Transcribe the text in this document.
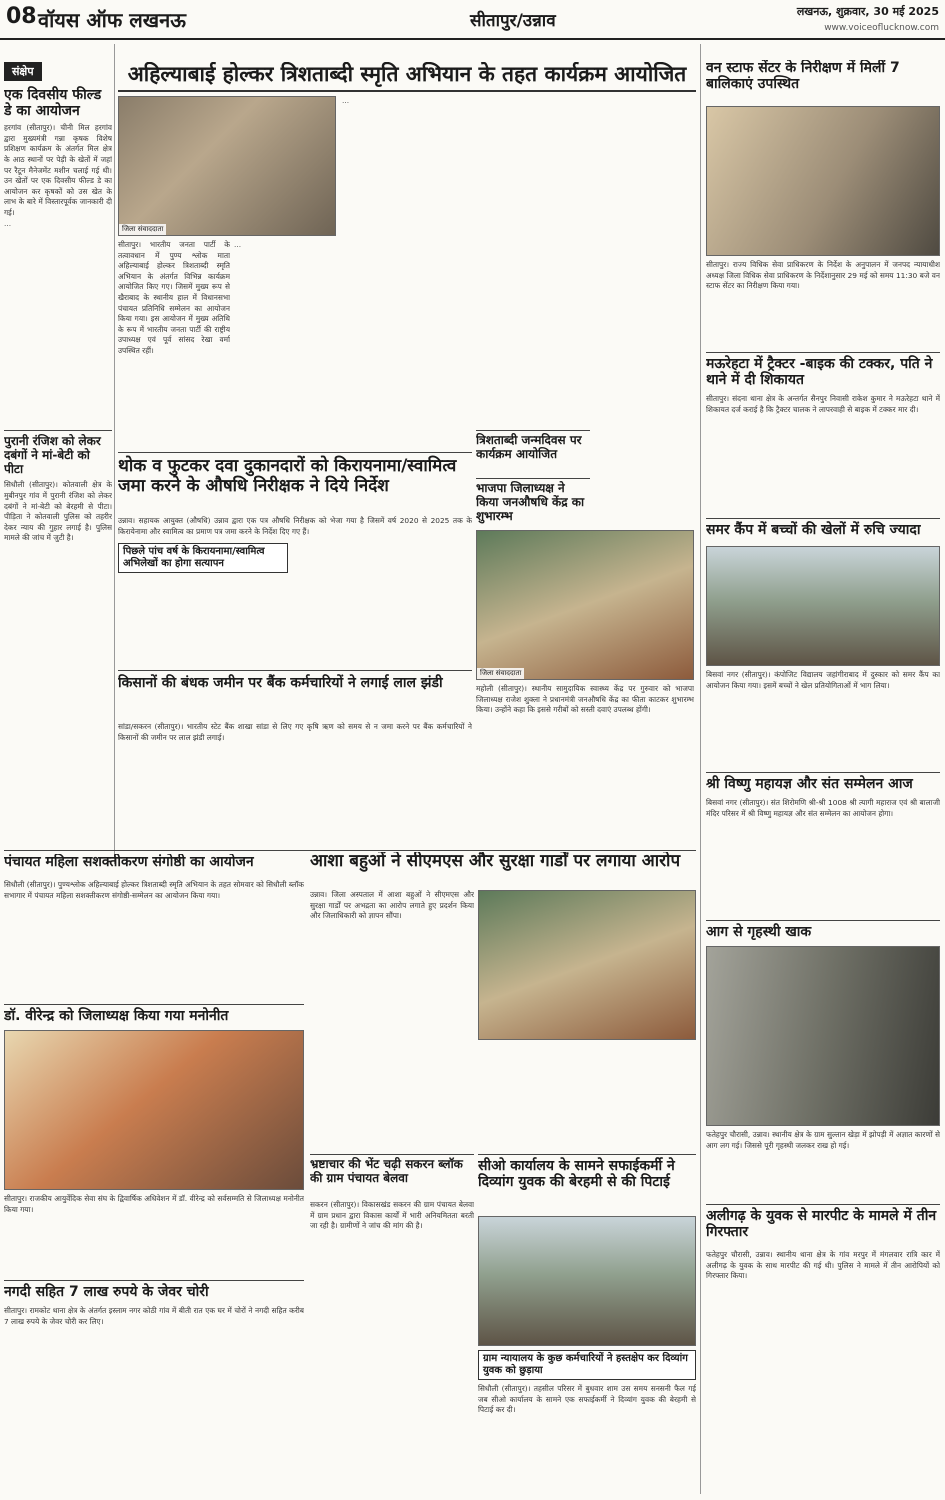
08 वॉयस ऑफ लखनऊ	सीतापुर/उन्नाव	लखनऊ, शुक्रवार, 30 मई 2025
www.voiceoflucknow.com
संक्षेप
एक दिवसीय फील्ड डे का आयोजन

हरगांव (सीतापुर)। चीनी मिल हरगांव द्वारा मुख्यमंत्री गन्ना कृषक विशेष प्रशिक्षण कार्यक्रम के अंतर्गत मिल क्षेत्र के आठ स्थानों पर पेड़ी के खेतों में जहां पर रैटून मैनेजमेंट मशीन चलाई गई थी। उन खेतों पर एक दिवसीय फील्ड डे का आयोजन कर कृषकों को उस खेत के लाभ के बारे में विस्तारपूर्वक जानकारी दी गई।

...

पुरानी रंजिश को लेकर दबंगों ने मां-बेटी को पीटा

सिधौली (सीतापुर)। कोतवाली क्षेत्र के मुबीनपुर गांव में पुरानी रंजिश को लेकर दबंगों ने मां-बेटी को बेरहमी से पीटा। पीड़िता ने कोतवाली पुलिस को तहरीर देकर न्याय की गुहार लगाई है। पुलिस मामले की जांच में जुटी है।

अहिल्याबाई होल्कर त्रिशताब्दी स्मृति अभियान के तहत कार्यक्रम आयोजित
जिला संवाददाता

सीतापुर। भारतीय जनता पार्टी के तत्वावधान में पुण्य श्लोक माता अहिल्याबाई होल्कर त्रिशताब्दी स्मृति अभियान के अंतर्गत विभिन्न कार्यक्रम आयोजित किए गए। जिसमें मुख्य रूप से खैराबाद के स्थानीय हाल में विधानसभा पंचायत प्रतिनिधि सम्मेलन का आयोजन किया गया। इस आयोजन में मुख्य अतिथि के रूप में भारतीय जनता पार्टी की राष्ट्रीय उपाध्यक्ष एवं पूर्व सांसद रेखा वर्मा उपस्थित रहीं।

...

...

त्रिशताब्दी जन्मदिवस पर कार्यक्रम आयोजित
भाजपा जिलाध्यक्ष ने किया जनऔषधि केंद्र का शुभारम्भ
जिला संवाददाता

महोली (सीतापुर)। स्थानीय सामुदायिक स्वास्थ्य केंद्र पर गुरुवार को भाजपा जिलाध्यक्ष राजेश शुक्ला ने प्रधानमंत्री जनऔषधि केंद्र का फीता काटकर शुभारम्भ किया। उन्होंने कहा कि इससे गरीबों को सस्ती दवाएं उपलब्ध होंगी।

थोक व फुटकर दवा दुकानदारों को किरायनामा/स्वामित्व जमा करने के औषधि निरीक्षक ने दिये निर्देश

उन्नाव। सहायक आयुक्त (औषधि) उन्नाव द्वारा एक पत्र औषधि निरीक्षक को भेजा गया है जिसमें वर्ष 2020 से 2025 तक के किरायेनामा और स्वामित्व का प्रमाण पत्र जमा करने के निर्देश दिए गए हैं।

पिछले पांच वर्ष के किरायनामा/स्वामित्व अभिलेखों का होगा सत्यापन
किसानों की बंधक जमीन पर बैंक कर्मचारियों ने लगाई लाल झंडी

सांडा/सकरन (सीतापुर)। भारतीय स्टेट बैंक शाखा सांडा से लिए गए कृषि ऋण को समय से न जमा करने पर बैंक कर्मचारियों ने किसानों की जमीन पर लाल झंडी लगाई।

वन स्टाफ सेंटर के निरीक्षण में मिलीं 7 बालिकाएं उपस्थित

सीतापुर। राज्य विधिक सेवा प्राधिकरण के निर्देश के अनुपालन में जनपद न्यायाधीश अध्यक्ष जिला विधिक सेवा प्राधिकरण के निर्देशानुसार 29 मई को समय 11:30 बजे वन स्टाफ सेंटर का निरीक्षण किया गया।

मऊरेहटा में ट्रैक्टर -बाइक की टक्कर, पति ने थाने में दी शिकायत

सीतापुर। संदना थाना क्षेत्र के अन्तर्गत सैनपुर निवासी राकेश कुमार ने मऊरेहटा थाने में शिकायत दर्ज कराई है कि ट्रैक्टर चालक ने लापरवाही से बाइक में टक्कर मार दी।

समर कैंप में बच्चों की खेलों में रुचि ज्यादा

बिसवां नगर (सीतापुर)। कंपोजिट विद्यालय जहांगीराबाद में दुस्कार को समर कैंप का आयोजन किया गया। इसमें बच्चों ने खेल प्रतियोगिताओं में भाग लिया।

श्री विष्णु महायज्ञ और संत सम्मेलन आज

बिसवां नगर (सीतापुर)। संत शिरोमणि श्री-श्री 1008 श्री त्यागी महाराज एवं श्री बालाजी मंदिर परिसर में श्री विष्णु महायज्ञ और संत सम्मेलन का आयोजन होगा।

आग से गृहस्थी खाक

फतेहपुर चौरासी, उन्नाव। स्थानीय क्षेत्र के ग्राम सुल्तान खेड़ा में झोपड़ी में अज्ञात कारणों से आग लग गई। जिससे पूरी गृहस्थी जलकर राख हो गई।

अलीगढ़ के युवक से मारपीट के मामले में तीन गिरफ्तार

फतेहपुर चौरासी, उन्नाव। स्थानीय थाना क्षेत्र के गांव मरपुर में मंगलवार रात्रि कार में अलीगढ़ के युवक के साथ मारपीट की गई थी। पुलिस ने मामले में तीन आरोपियों को गिरफ्तार किया।

पंचायत महिला सशक्तीकरण संगोष्ठी का आयोजन

सिधौली (सीतापुर)। पुण्यश्लोक अहिल्याबाई होल्कर त्रिशताब्दी स्मृति अभियान के तहत सोमवार को सिधौली ब्लॉक सभागार में पंचायत महिला सशक्तीकरण संगोष्ठी-सम्मेलन का आयोजन किया गया।

डॉ. वीरेन्द्र को जिलाध्यक्ष किया गया मनोनीत

सीतापुर। राजकीय आयुर्वेदिक सेवा संघ के द्विवार्षिक अधिवेशन में डॉ. वीरेन्द्र को सर्वसम्मति से जिलाध्यक्ष मनोनीत किया गया।

नगदी सहित 7 लाख रुपये के जेवर चोरी

सीतापुर। रामकोट थाना क्षेत्र के अंतर्गत इस्लाम नगर कोठी गांव में बीती रात एक घर में चोरों ने नगदी सहित करीब 7 लाख रुपये के जेवर चोरी कर लिए।

आशा बहुओं ने सीएमएस और सुरक्षा गार्डों पर लगाया आरोप

उन्नाव। जिला अस्पताल में आशा बहुओं ने सीएमएस और सुरक्षा गार्डों पर अभद्रता का आरोप लगाते हुए प्रदर्शन किया और जिलाधिकारी को ज्ञापन सौंपा।

भ्रष्टाचार की भेंट चढ़ी सकरन ब्लॉक की ग्राम पंचायत बेलवा

सकरन (सीतापुर)। विकासखंड सकरन की ग्राम पंचायत बेलवा में ग्राम प्रधान द्वारा विकास कार्यों में भारी अनियमितता बरती जा रही है। ग्रामीणों ने जांच की मांग की है।

सीओ कार्यालय के सामने सफाईकर्मी ने दिव्यांग युवक की बेरहमी से की पिटाई
ग्राम न्यायालय के कुछ कर्मचारियों ने हस्तक्षेप कर दिव्यांग युवक को छुड़ाया

सिधौली (सीतापुर)। तहसील परिसर में बुधवार शाम उस समय सनसनी फैल गई जब सीओ कार्यालय के सामने एक सफाईकर्मी ने दिव्यांग युवक की बेरहमी से पिटाई कर दी।
